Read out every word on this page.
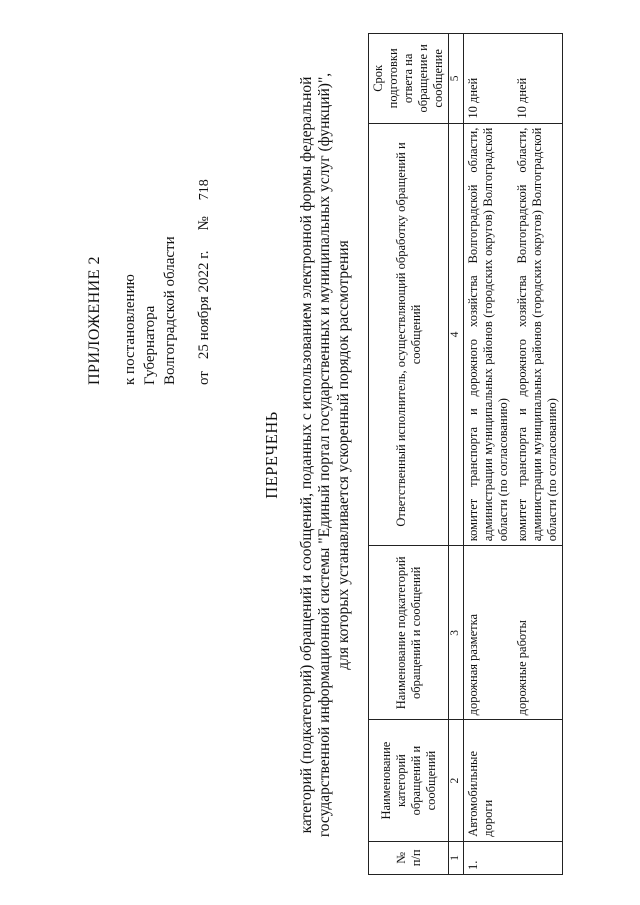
ПРИЛОЖЕНИЕ 2 к постановлению Губернатора Волгоградской области от25 ноября 2022 г.№718
ПЕРЕЧЕНЬ категорий (подкатегорий) обращений и сообщений, поданных с использованием электронной формы федеральной государственной информационной системы "Единый портал государственных и муниципальных услуг (функций)", для которых устанавливается ускоренный порядок рассмотрения
№ п/п	Наименование категорий обращений и сообщений	Наименование подкатегорий обращений и сообщений	Ответственный исполнитель, осуществляющий обработку обращений и сообщений	Срок подготовки ответа на обращение и сообщение
1	2	3	4	5
1.	Автомобильные дороги	дорожная разметка	комитет транспорта и дорожного хозяйства Волгоградской области, администрации муниципальных районов (городских округов) Волгоградской области (по согласованию)	10 дней
		дорожные работы	комитет транспорта и дорожного хозяйства Волгоградской области, администрации муниципальных районов (городских округов) Волгоградской области (по согласованию)	10 дней
